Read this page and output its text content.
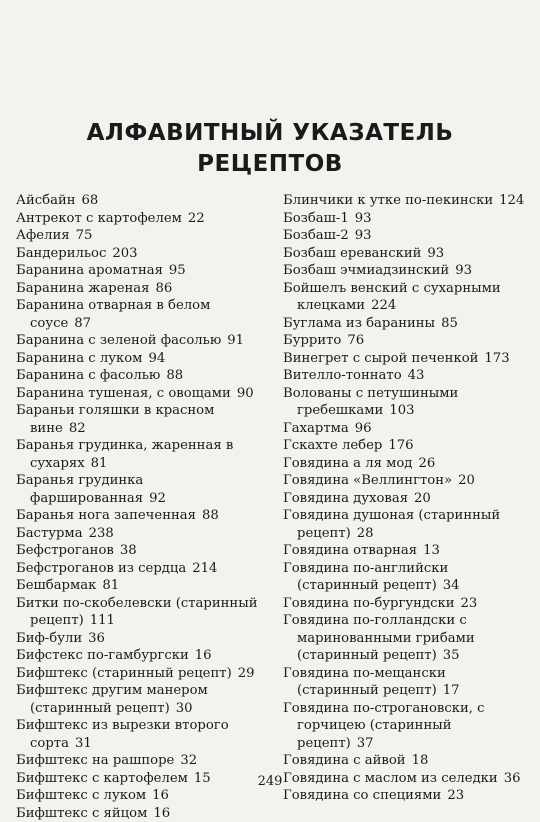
АЛФАВИТНЫЙ УКАЗАТЕЛЬ
РЕЦЕПТОВ
Айсбайн 68
Антрекот с картофелем 22
Афелия 75
Бандерильос 203
Баранина ароматная 95
Баранина жареная 86
Баранина отварная в белом соусе 87
Баранина с зеленой фасолью 91
Баранина с луком 94
Баранина с фасолью 88
Баранина тушеная, с овощами 90
Бараньи голяшки в красном вине 82
Баранья грудинка, жаренная в сухарях 81
Баранья грудинка фаршированная 92
Баранья нога запеченная 88
Бастурма 238
Бефстроганов 38
Бефстроганов из сердца 214
Бешбармак 81
Битки по-скобелевски (старинный рецепт) 111
Биф-були 36
Бифстекс по-гамбургски 16
Бифштекс (старинный рецепт) 29
Бифштекс другим манером (старинный рецепт) 30
Бифштекс из вырезки второго сорта 31
Бифштекс на рашпоре 32
Бифштекс с картофелем 15
Бифштекс с луком 16
Бифштекс с яйцом 16
Блинчики к утке по-пекински 124
Бозбаш-1 93
Бозбаш-2 93
Бозбаш ереванский 93
Бозбаш эчмиадзинский 93
Бойшелъ венский с сухарными клецками 224
Буглама из баранины 85
Буррито 76
Винегрет с сырой печенкой 173
Вителло-тоннато 43
Волованы с петушиными гребешками 103
Гахартма 96
Гскахте лебер 176
Говядина а ля мод 26
Говядина «Веллингтон» 20
Говядина духовая 20
Говядина душоная (старинный рецепт) 28
Говядина отварная 13
Говядина по-английски (старинный рецепт) 34
Говядина по-бургундски 23
Говядина по-голландски с маринованными грибами (старинный рецепт) 35
Говядина по-мещански (старинный рецепт) 17
Говядина по-строгановски, с горчицею (старинный рецепт) 37
Говядина с айвой 18
Говядина с маслом из селедки 36
Говядина со специями 23
249
